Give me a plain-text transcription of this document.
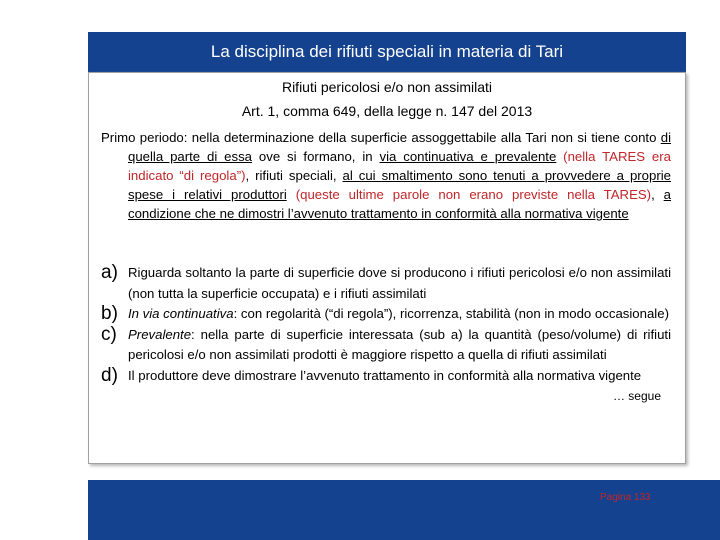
La disciplina dei rifiuti speciali in materia di Tari
Rifiuti pericolosi e/o non assimilati
Art. 1, comma 649, della legge n. 147 del 2013

Primo periodo: nella determinazione della superficie assoggettabile alla Tari non si tiene conto di quella parte di essa ove si formano, in via continuativa e prevalente (nella TARES era indicato “di regola”), rifiuti speciali, al cui smaltimento sono tenuti a provvedere a proprie spese i relativi produttori (queste ultime parole non erano previste nella TARES), a condizione che ne dimostri l’avvenuto trattamento in conformità alla normativa vigente

a) Riguarda soltanto la parte di superficie dove si producono i rifiuti pericolosi e/o non assimilati (non tutta la superficie occupata) e i rifiuti assimilati
b) In via continuativa: con regolarità (“di regola”), ricorrenza, stabilità (non in modo occasionale)
c) Prevalente: nella parte di superficie interessata (sub a) la quantità (peso/volume) di rifiuti pericolosi e/o non assimilati prodotti è maggiore rispetto a quella di rifiuti assimilati
d) Il produttore deve dimostrare l’avvenuto trattamento in conformità alla normativa vigente
… segue
Pagina 133
